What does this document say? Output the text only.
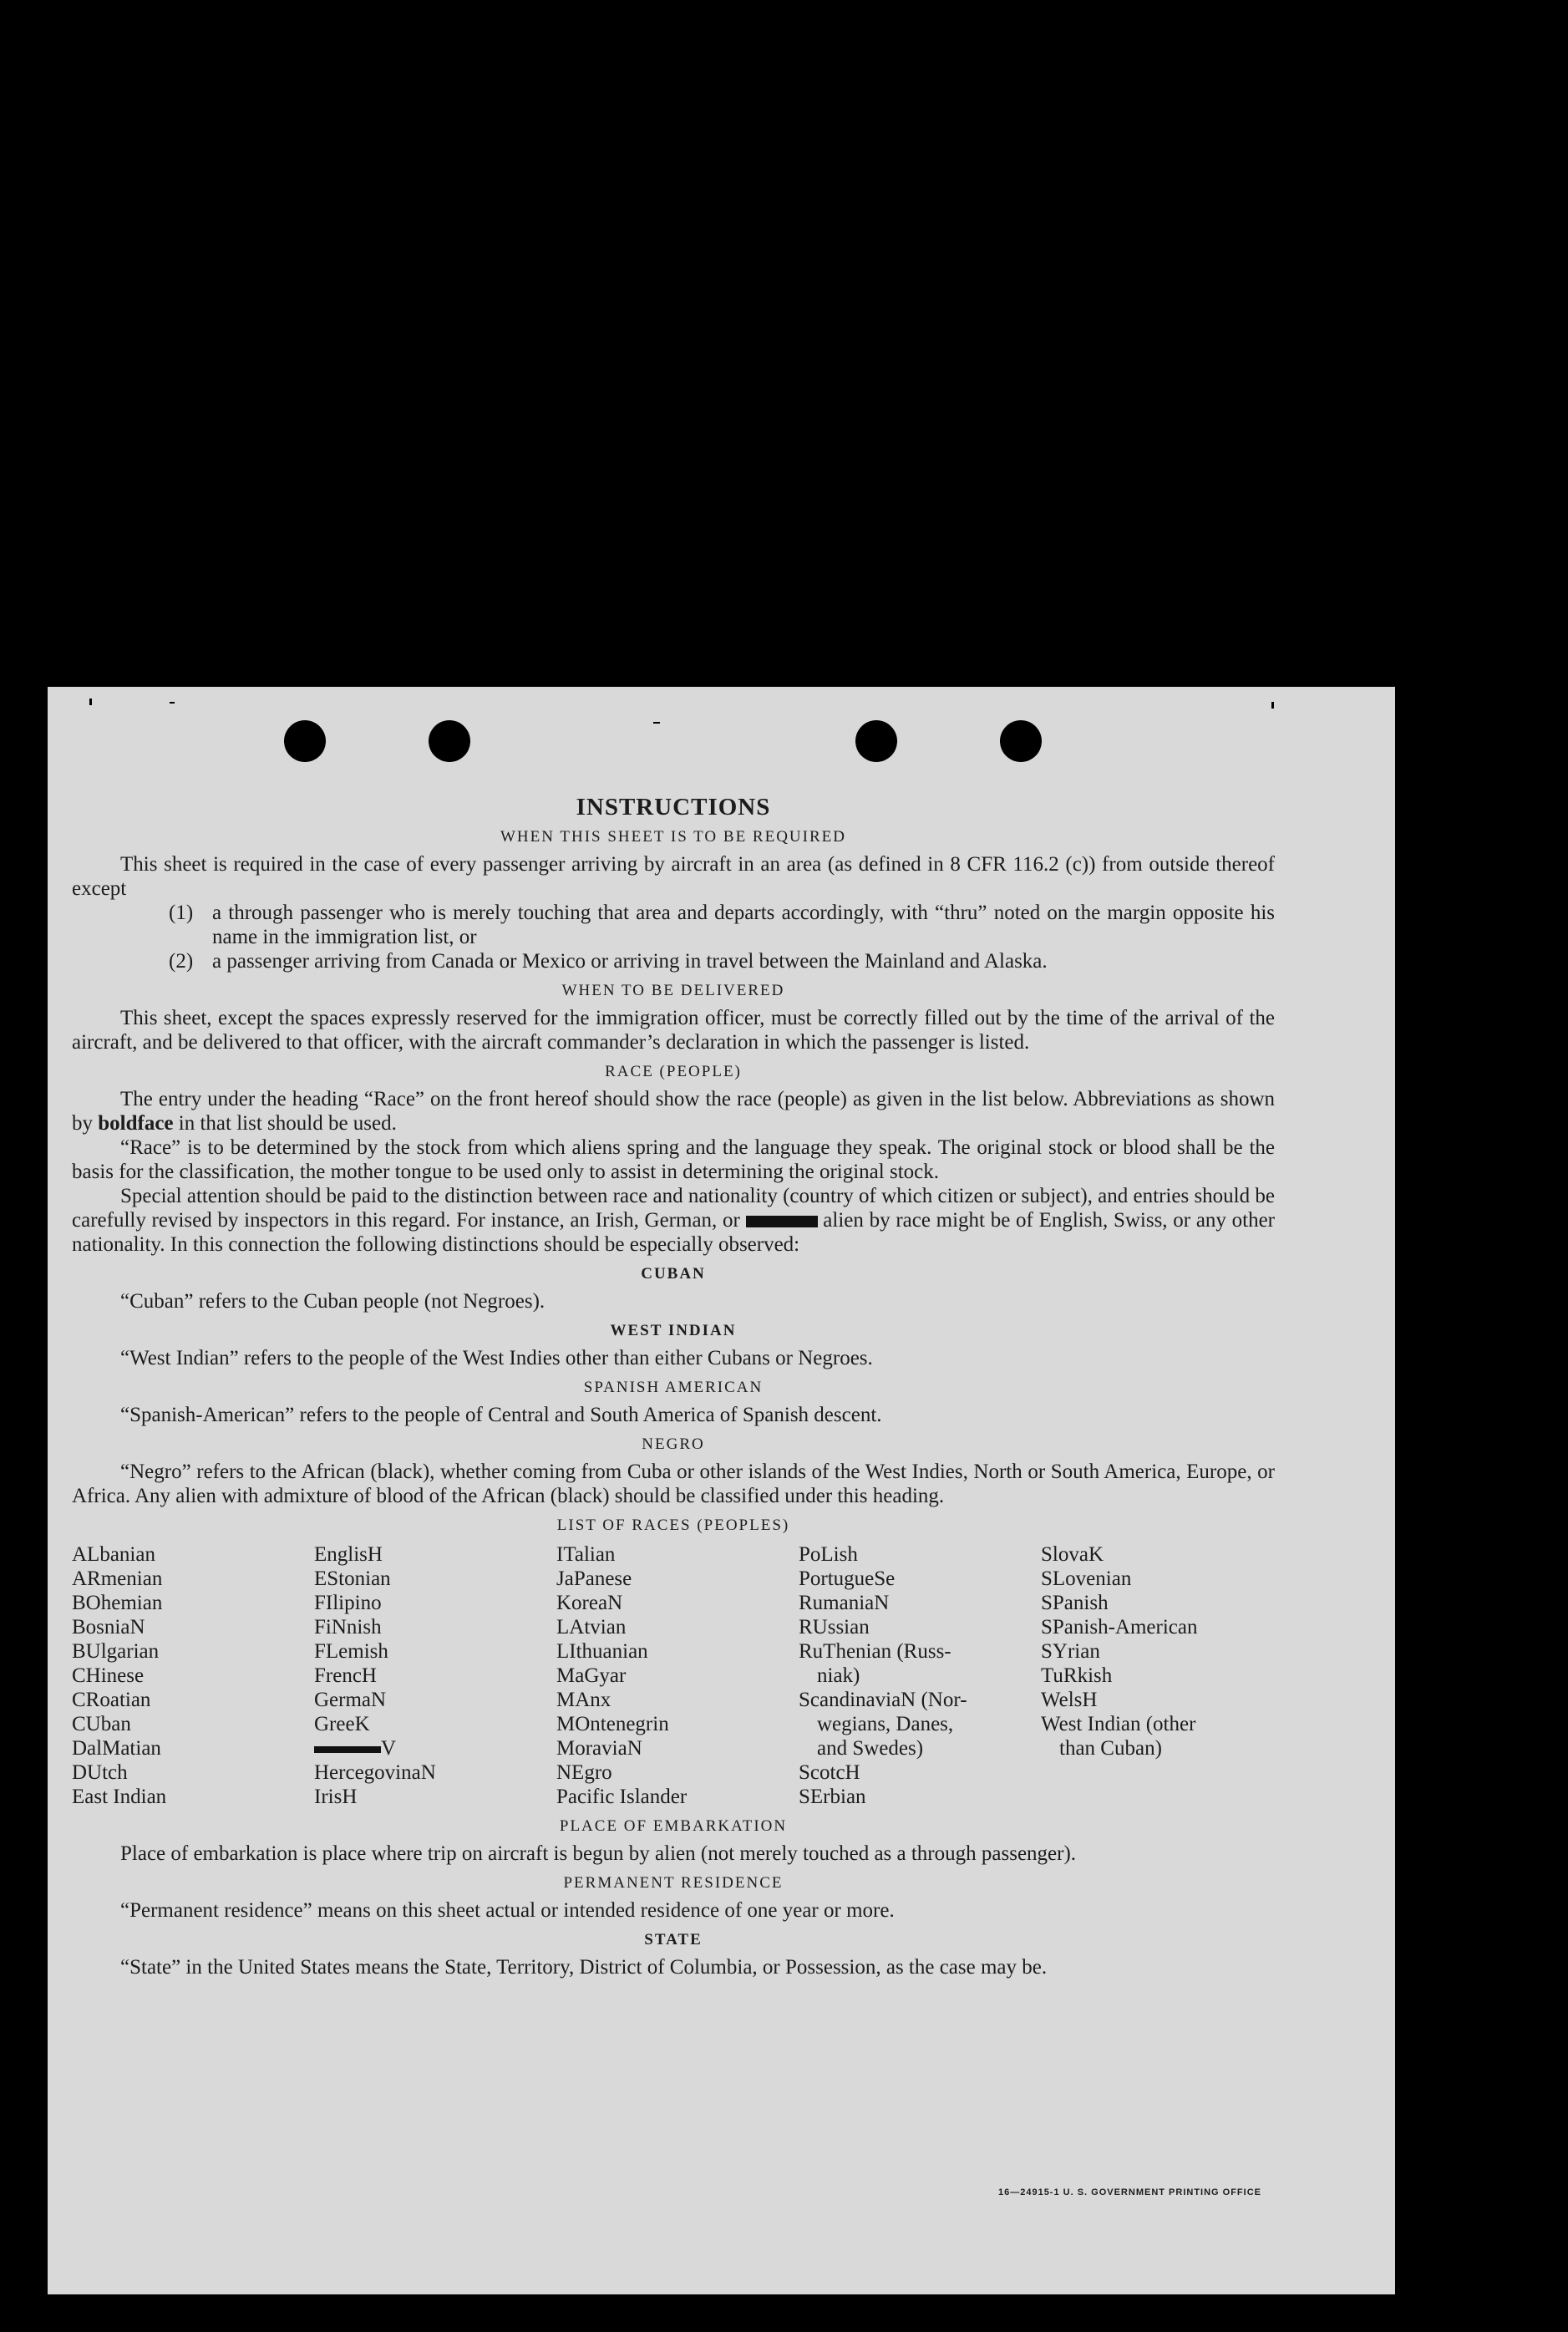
INSTRUCTIONS
WHEN THIS SHEET IS TO BE REQUIRED

This sheet is required in the case of every passenger arriving by aircraft in an area (as defined in 8 CFR 116.2 (c)) from outside thereof except

(1) a through passenger who is merely touching that area and departs accordingly, with “thru” noted on the margin opposite his name in the immigration list, or
(2) a passenger arriving from Canada or Mexico or arriving in travel between the Mainland and Alaska.
WHEN TO BE DELIVERED

This sheet, except the spaces expressly reserved for the immigration officer, must be correctly filled out by the time of the arrival of the aircraft, and be delivered to that officer, with the aircraft commander’s declaration in which the passenger is listed.

RACE (PEOPLE)

The entry under the heading “Race” on the front hereof should show the race (people) as given in the list below. Abbreviations as shown by boldface in that list should be used.

“Race” is to be determined by the stock from which aliens spring and the language they speak. The original stock or blood shall be the basis for the classification, the mother tongue to be used only to assist in determining the original stock.

Special attention should be paid to the distinction between race and nationality (country of which citizen or subject), and entries should be carefully revised by inspectors in this regard. For instance, an Irish, German, or	alien by race might be of English, Swiss, or any other nationality. In this connection the following distinctions should be especially observed:

CUBAN

“Cuban” refers to the Cuban people (not Negroes).

WEST INDIAN

“West Indian” refers to the people of the West Indies other than either Cubans or Negroes.

SPANISH AMERICAN

“Spanish-American” refers to the people of Central and South America of Spanish descent.

NEGRO

“Negro” refers to the African (black), whether coming from Cuba or other islands of the West Indies, North or South America, Europe, or Africa. Any alien with admixture of blood of the African (black) should be classified under this heading.

LIST OF RACES (PEOPLES)
ALbanian
ARmenian
BOhemian
BosniaN
BUlgarian
CHinese
CRoatian
CUban
DalMatian
DUtch
East Indian
EnglisH
EStonian
FIlipino
FiNnish
FLemish
FrencH
GermaN
GreeK
V
HercegovinaN
IrisH
ITalian
JaPanese
KoreaN
LAtvian
LIthuanian
MaGyar
MAnx
MOntenegrin
MoraviaN
NEgro
Pacific Islander
PoLish
PortugueSe
RumaniaN
RUssian
RuThenian (Russ-
niak)
ScandinaviaN (Nor-
wegians, Danes,
and Swedes)
ScotcH
SErbian
SlovaK
SLovenian
SPanish
SPanish-American
SYrian
TuRkish
WelsH
West Indian (other
than Cuban)
PLACE OF EMBARKATION

Place of embarkation is place where trip on aircraft is begun by alien (not merely touched as a through passenger).

PERMANENT RESIDENCE

“Permanent residence” means on this sheet actual or intended residence of one year or more.

STATE

“State” in the United States means the State, Territory, District of Columbia, or Possession, as the case may be.

16—24915-1 U. S. GOVERNMENT PRINTING OFFICE
